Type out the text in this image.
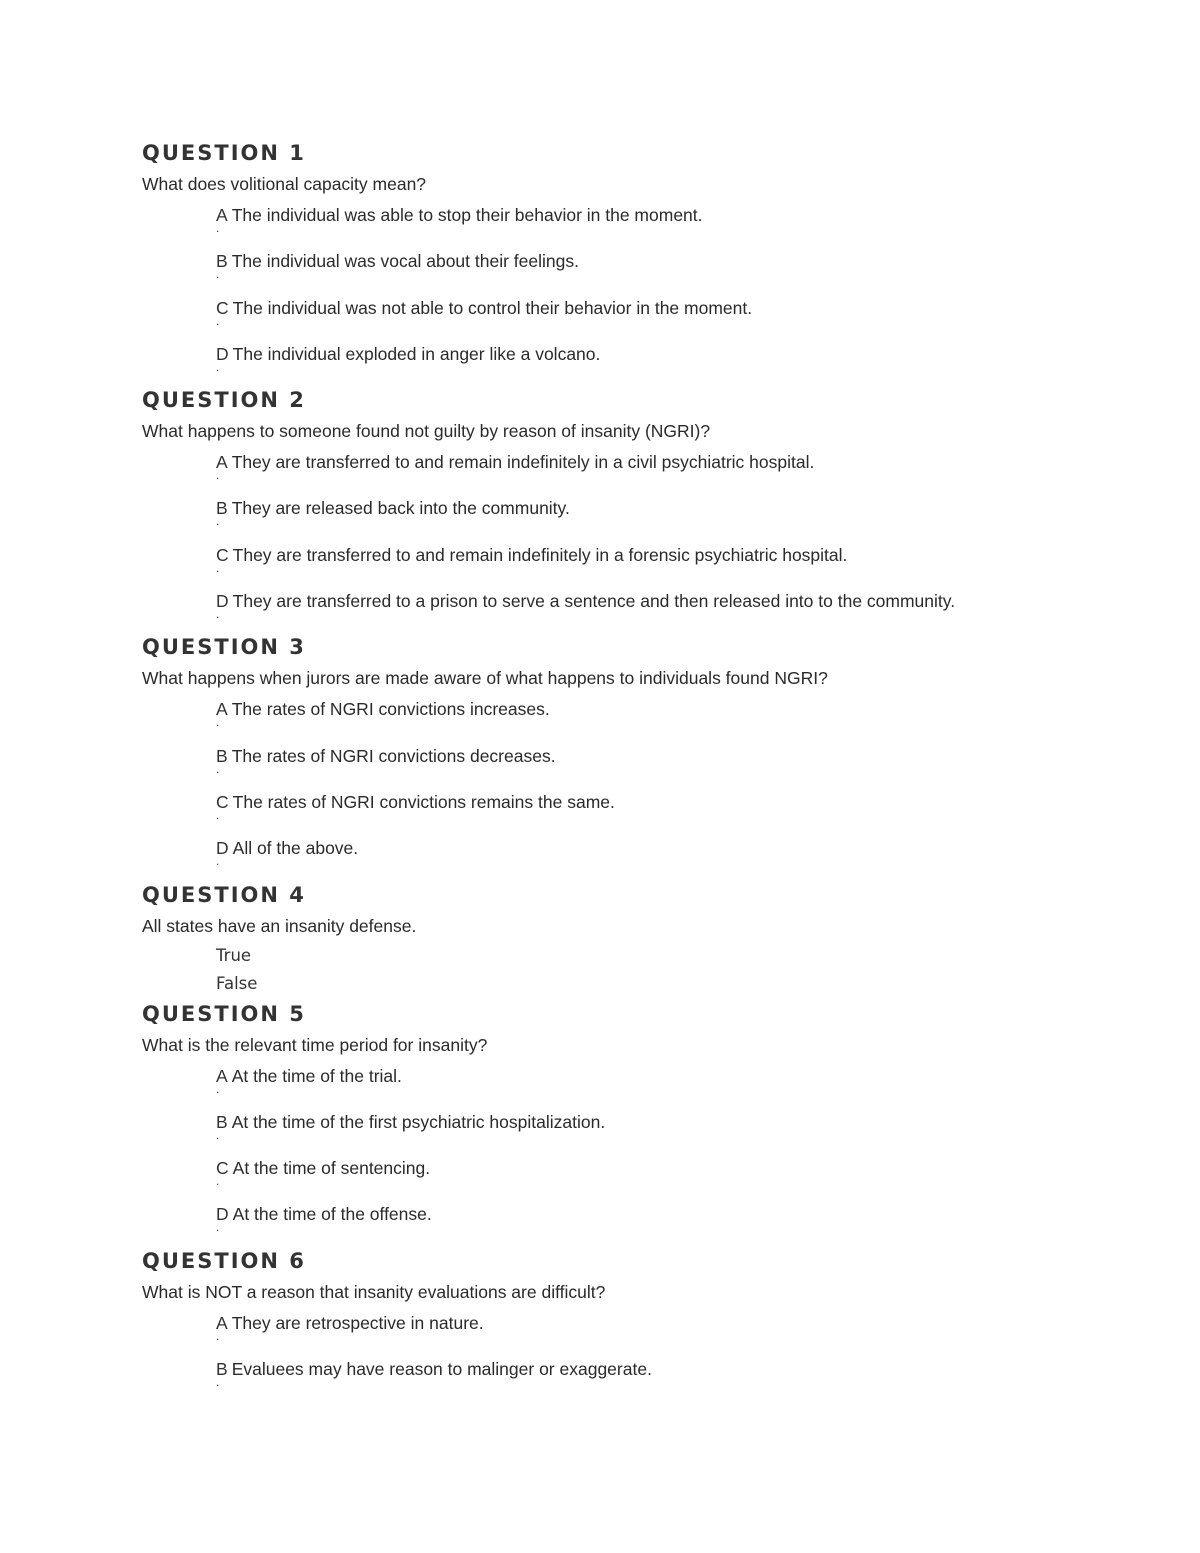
QUESTION 1
What does volitional capacity mean?
A The individual was able to stop their behavior in the moment.
.
B The individual was vocal about their feelings.
.
C The individual was not able to control their behavior in the moment.
.
D The individual exploded in anger like a volcano.
.
QUESTION 2
What happens to someone found not guilty by reason of insanity (NGRI)?
A They are transferred to and remain indefinitely in a civil psychiatric hospital.
.
B They are released back into the community.
.
C They are transferred to and remain indefinitely in a forensic psychiatric hospital.
.
D They are transferred to a prison to serve a sentence and then released into to the community.
.
QUESTION 3
What happens when jurors are made aware of what happens to individuals found NGRI?
A The rates of NGRI convictions increases.
.
B The rates of NGRI convictions decreases.
.
C The rates of NGRI convictions remains the same.
.
D All of the above.
.
QUESTION 4
All states have an insanity defense.
True
False
QUESTION 5
What is the relevant time period for insanity?
A At the time of the trial.
.
B At the time of the first psychiatric hospitalization.
.
C At the time of sentencing.
.
D At the time of the offense.
.
QUESTION 6
What is NOT a reason that insanity evaluations are difficult?
A They are retrospective in nature.
.
B Evaluees may have reason to malinger or exaggerate.
.
